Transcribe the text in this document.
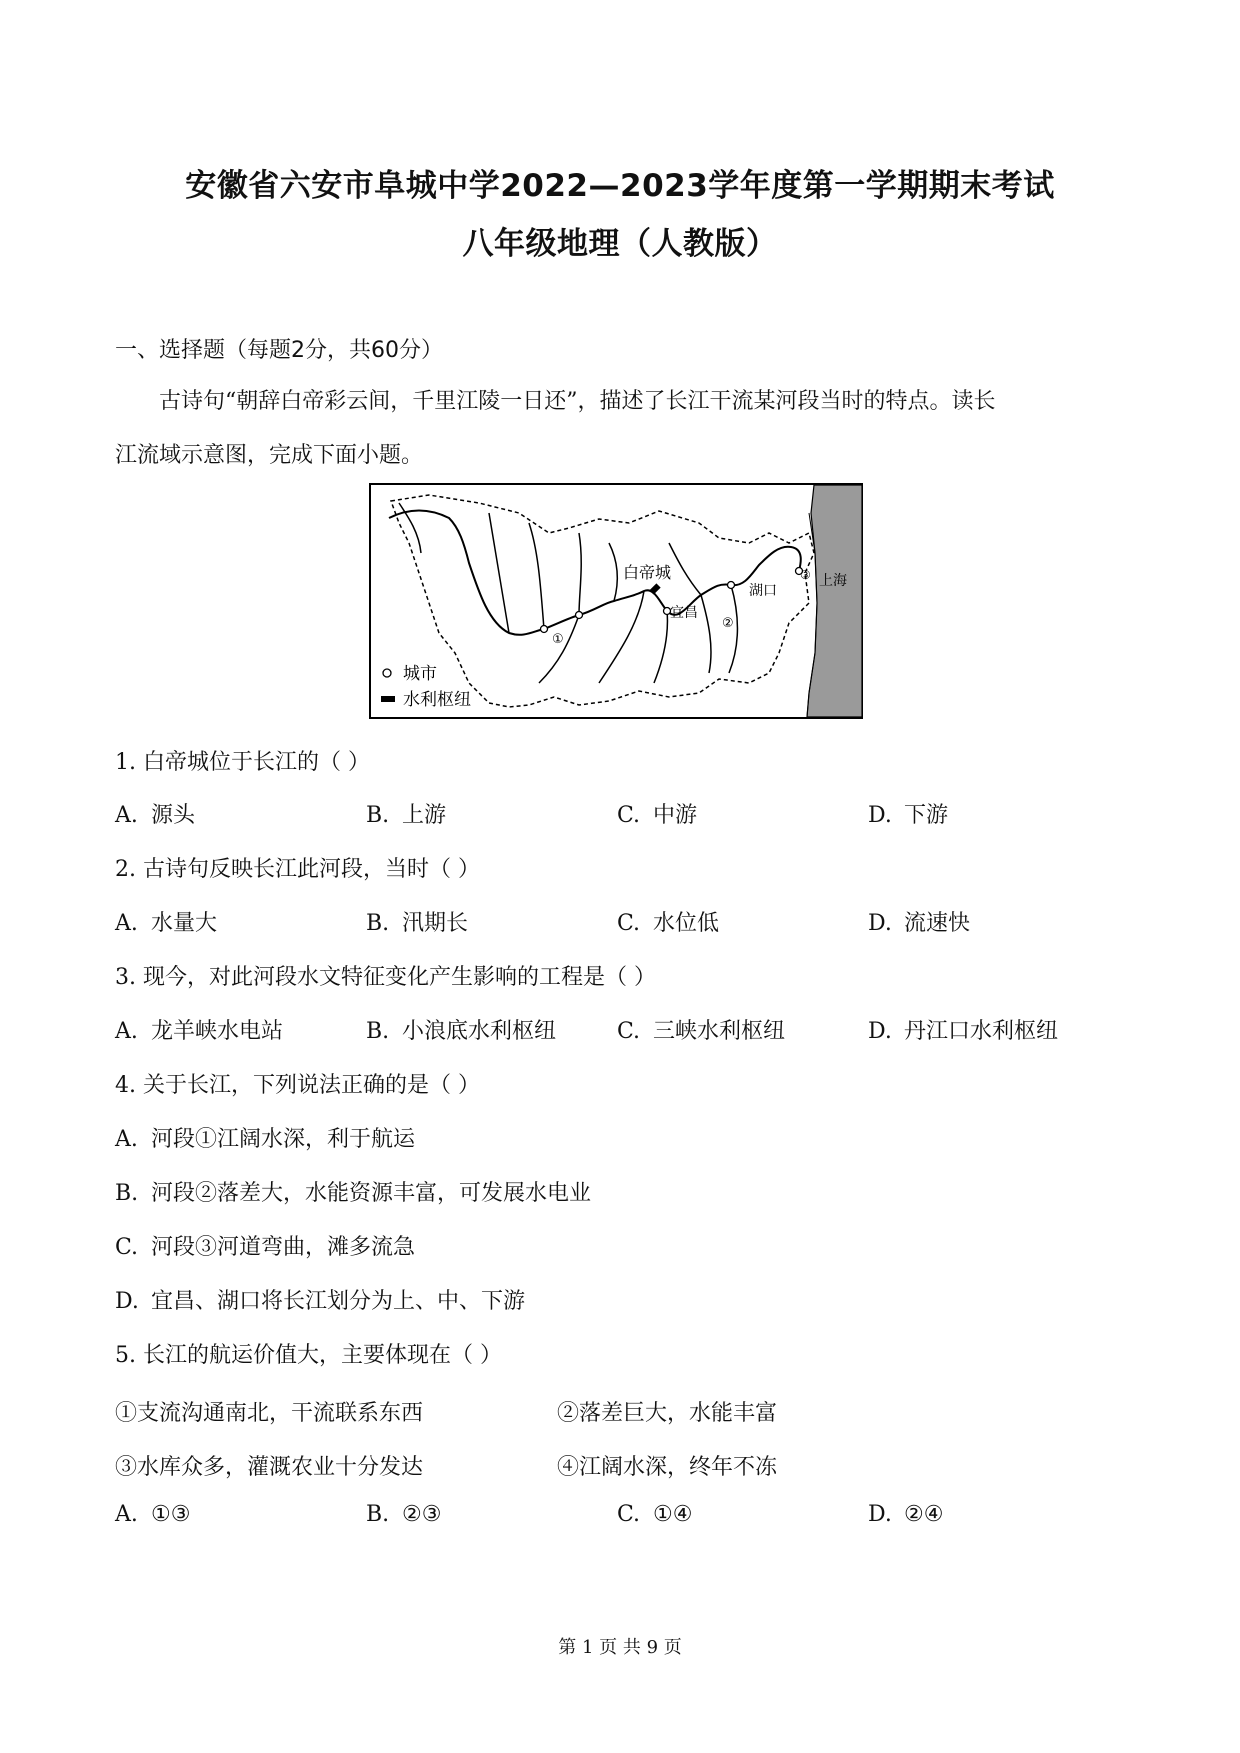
安徽省六安市阜城中学2022—2023学年度第一学期期末考试
八年级地理（人教版）
一、选择题（每题2分，共60分）
古诗句“朝辞白帝彩云间，千里江陵一日还”，描述了长江干流某河段当时的特点。读长
江流域示意图，完成下面小题。
白帝城
宜昌
湖口
上海
①
②
③
城市
水利枢纽
1. 白帝城位于长江的（ ）
A. 源头	B. 上游	C. 中游	D. 下游
2. 古诗句反映长江此河段，当时（ ）
A. 水量大	B. 汛期长	C. 水位低	D. 流速快
3. 现今，对此河段水文特征变化产生影响的工程是（ ）
A. 龙羊峡水电站	B. 小浪底水利枢纽	C. 三峡水利枢纽	D. 丹江口水利枢纽
4. 关于长江，下列说法正确的是（ ）
A. 河段①江阔水深，利于航运
B. 河段②落差大，水能资源丰富，可发展水电业
C. 河段③河道弯曲，滩多流急
D. 宜昌、湖口将长江划分为上、中、下游
5. 长江的航运价值大，主要体现在（ ）
①支流沟通南北，干流联系东西	②落差巨大，水能丰富
③水库众多，灌溉农业十分发达	④江阔水深，终年不冻
A. ①③	B. ②③	C. ①④	D. ②④
第 1 页 共 9 页
